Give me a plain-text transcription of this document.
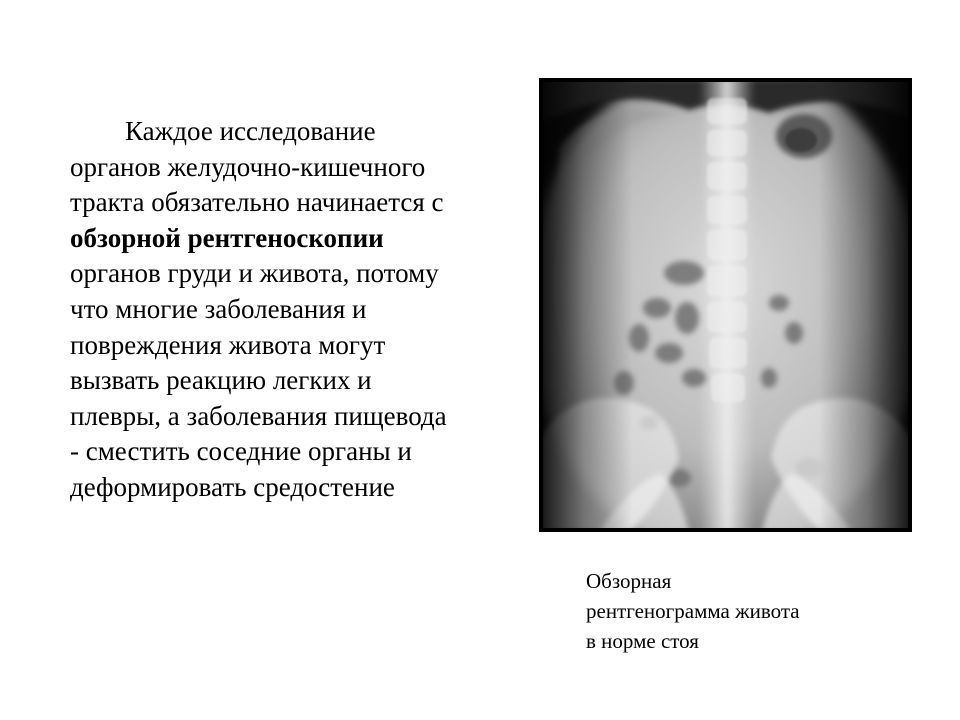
Каждое исследование
органов желудочно-кишечного
тракта обязательно начинается с
обзорной рентгеноскопии
органов груди и живота, потому
что многие заболевания и
повреждения живота могут
вызвать реакцию легких и
плевры, а заболевания пищевода
- сместить соседние органы и
деформировать средостение
Обзорная
рентгенограмма живота
в норме стоя
